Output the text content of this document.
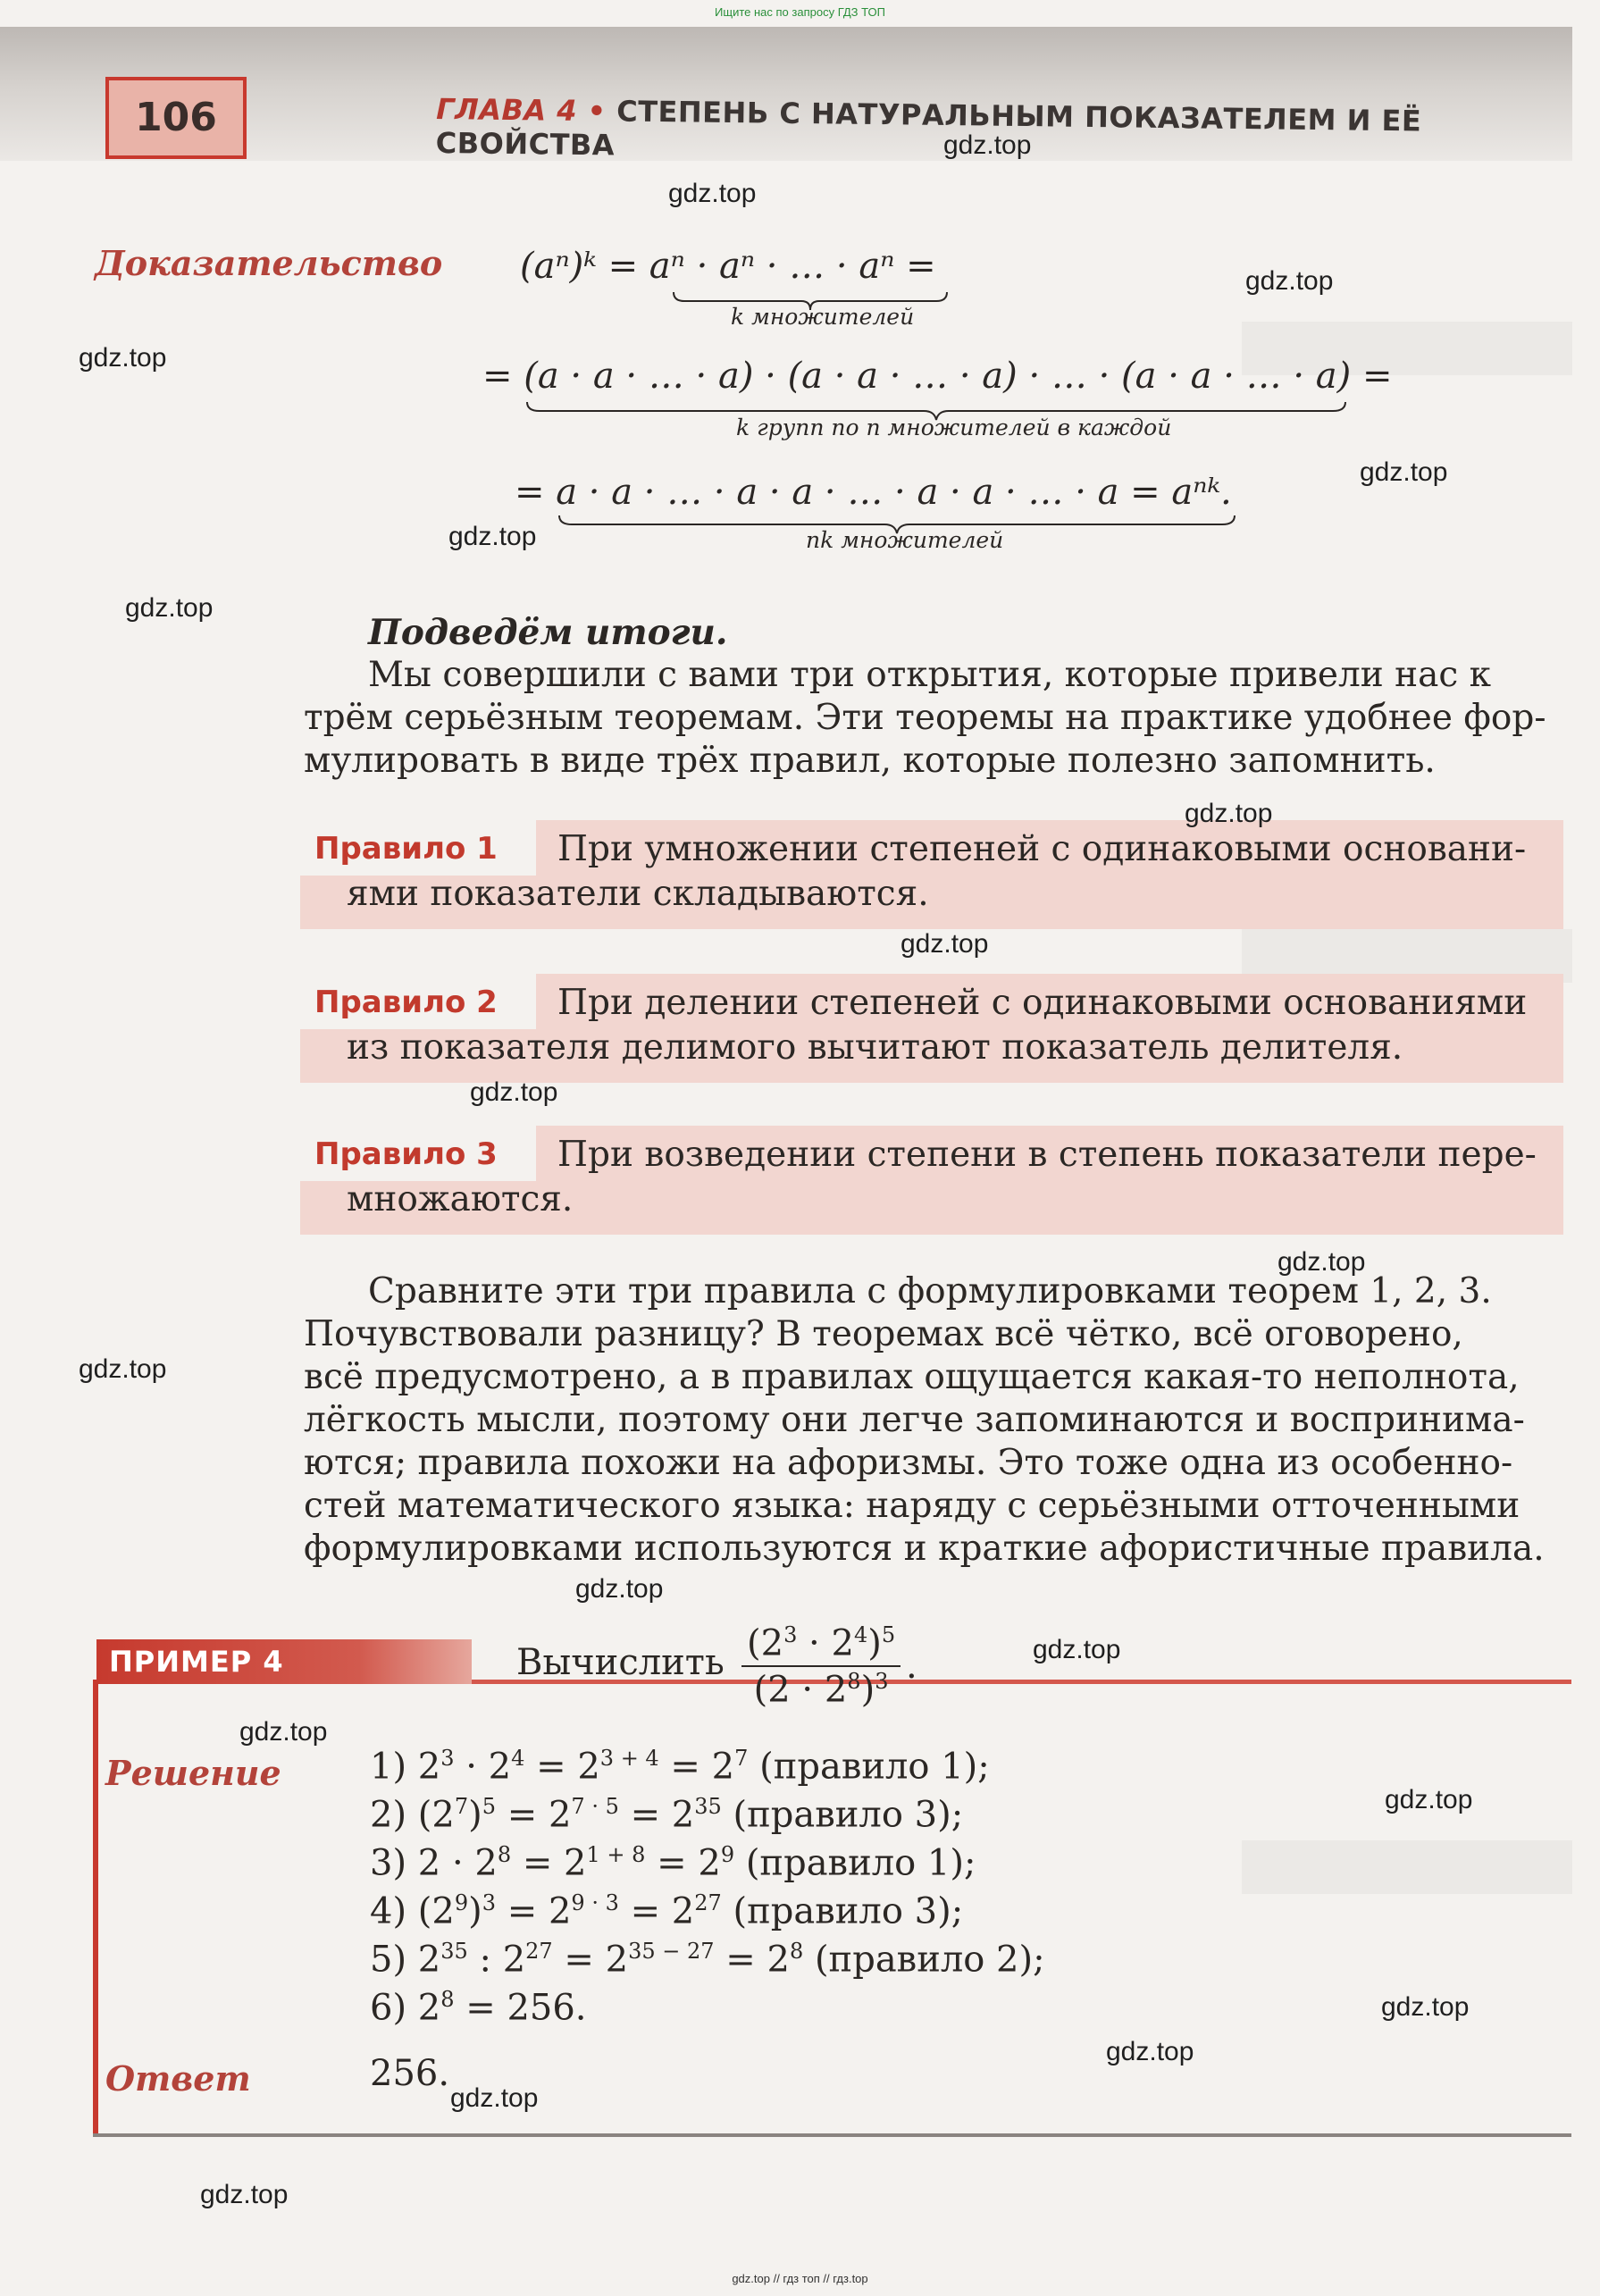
Ищите нас по запросу ГДЗ ТОП
106	ГЛАВА 4 • СТЕПЕНЬ С НАТУРАЛЬНЫМ ПОКАЗАТЕЛЕМ И ЕЁ СВОЙСТВА
Доказательство (aⁿ)ᵏ = aⁿ · aⁿ · … · aⁿ =
k множителей
= (a · a · … · a) · (a · a · … · a) · … · (a · a · … · a) =
k групп по n множителей в каждой
= a · a · … · a · a · … · a · a · … · a = aⁿᵏ.
nk множителей
Подведём итоги.
Мы совершили с вами три открытия, которые привели нас к
трём серьёзным теоремам. Эти теоремы на практике удобнее фор-
мулировать в виде трёх правил, которые полезно запомнить.
Правило 1	При умножении степеней с одинаковыми основани-
ями показатели складываются.
Правило 2	При делении степеней с одинаковыми основаниями
из показателя делимого вычитают показатель делителя.
Правило 3	При возведении степени в степень показатели пере-
множаются.
Сравните эти три правила с формулировками теорем 1, 2, 3.
Почувствовали разницу? В теоремах всё чётко, всё оговорено,
всё предусмотрено, а в правилах ощущается какая-то неполнота,
лёгкость мысли, поэтому они легче запоминаются и воспринима-
ются; правила похожи на афоризмы. Это тоже одна из особенно-
стей математического языка: наряду с серьёзными отточенными
формулировками используются и краткие афористичные правила.
ПРИМЕР 4	Вычислить $(2^3 \cdot 2^4)^5$
$(2 \cdot 2^8)^3$ .
Решение 1) $2^3 \cdot 2^4 = 2^{3 + 4} = 2^7$ (правило 1);
2) $(2^7)^5 = 2^{7 \cdot 5} = 2^{35}$ (правило 3);
3) $2 \cdot 2^8 = 2^{1 + 8} = 2^9$ (правило 1);
4) $(2^9)^3 = 2^{9 \cdot 3} = 2^{27}$ (правило 3);
5) $2^{35}$ : $2^{27} = 2^{35 - 27} = 2^8$ (правило 2);
6) $2^8 = 256$.
Ответ	256.
gdz.top
gdz.top
gdz.top
gdz.top
gdz.top
gdz.top
gdz.top
gdz.top
gdz.top
gdz.top
gdz.top
gdz.top
gdz.top
gdz.top
gdz.top
gdz.top
gdz.top
gdz.top
gdz.top
gdz.top
gdz.top // гдз топ // гдз.top
